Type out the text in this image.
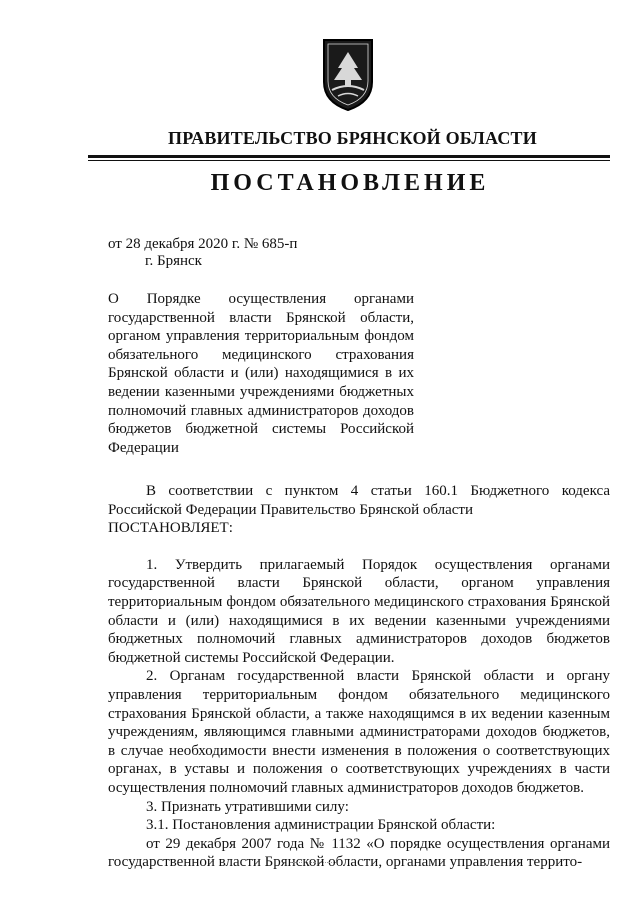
ПРАВИТЕЛЬСТВО БРЯНСКОЙ ОБЛАСТИ
ПОСТАНОВЛЕНИЕ
от 28 декабря 2020 г. № 685-п
г. Брянск
О Порядке осуществления органами государственной власти Брянской области, органом управления территориальным фондом обязательного медицинского страхования Брянской области и (или) находящимися в их ведении казенными учреждениями бюджетных полномочий главных администраторов доходов бюджетов бюджетной системы Российской Федерации

В соответствии с пунктом 4 статьи 160.1 Бюджетного кодекса Российской Федерации Правительство Брянской области

ПОСТАНОВЛЯЕТ:

1. Утвердить прилагаемый Порядок осуществления органами государственной власти Брянской области, органом управления территориальным фондом обязательного медицинского страхования Брянской области и (или) находящимися в их ведении казенными учреждениями бюджетных полномочий главных администраторов доходов бюджетов бюджетной системы Российской Федерации.

2. Органам государственной власти Брянской области и органу управления территориальным фондом обязательного медицинского страхования Брянской области, а также находящимся в их ведении казенным учреждениям, являющимся главными администраторами доходов бюджетов, в случае необходимости внести изменения в положения о соответствующих органах, в уставы и положения о соответствующих учреждениях в части осуществления полномочий главных администраторов доходов бюджетов.

3. Признать утратившими силу:

3.1. Постановления администрации Брянской области:

от 29 декабря 2007 года № 1132 «О порядке осуществления органами государственной власти Брянской области, органами управления террито-
